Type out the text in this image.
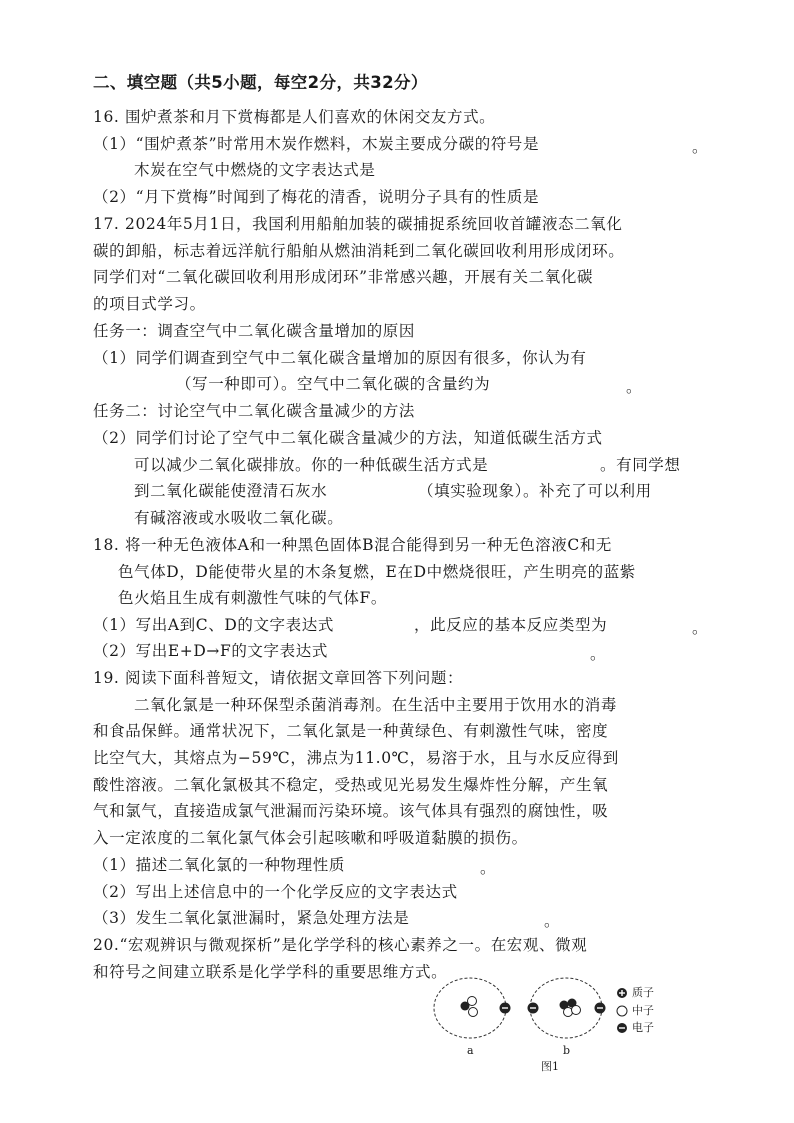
二、填空题（共5小题，每空2分，共32分）
16. 围炉煮茶和月下赏梅都是人们喜欢的休闲交友方式。
（1）“围炉煮茶”时常用木炭作燃料，木炭主要成分碳的符号是
木炭在空气中燃烧的文字表达式是
（2）“月下赏梅”时闻到了梅花的清香，说明分子具有的性质是
17. 2024年5月1日，我国利用船舶加装的碳捕捉系统回收首罐液态二氧化
碳的卸船，标志着远洋航行船舶从燃油消耗到二氧化碳回收利用形成闭环。
同学们对“二氧化碳回收利用形成闭环”非常感兴趣，开展有关二氧化碳
的项目式学习。
任务一：调查空气中二氧化碳含量增加的原因
（1）同学们调查到空气中二氧化碳含量增加的原因有很多，你认为有
（写一种即可）。空气中二氧化碳的含量约为
任务二：讨论空气中二氧化碳含量减少的方法
（2）同学们讨论了空气中二氧化碳含量减少的方法，知道低碳生活方式
可以减少二氧化碳排放。你的一种低碳生活方式是	。有同学想
到二氧化碳能使澄清石灰水	（填实验现象）。补充了可以利用
有碱溶液或水吸收二氧化碳。
18. 将一种无色液体A和一种黑色固体B混合能得到另一种无色溶液C和无
色气体D，D能使带火星的木条复燃，E在D中燃烧很旺，产生明亮的蓝紫
色火焰且生成有刺激性气味的气体F。
（1）写出A到C、D的文字表达式	，此反应的基本反应类型为
（2）写出E+D→F的文字表达式
19. 阅读下面科普短文，请依据文章回答下列问题：
二氧化氯是一种环保型杀菌消毒剂。在生活中主要用于饮用水的消毒
和食品保鲜。通常状况下，二氧化氯是一种黄绿色、有刺激性气味，密度
比空气大，其熔点为−59℃，沸点为11.0℃，易溶于水，且与水反应得到
酸性溶液。二氧化氯极其不稳定，受热或见光易发生爆炸性分解，产生氧
气和氯气，直接造成氯气泄漏而污染环境。该气体具有强烈的腐蚀性，吸
入一定浓度的二氧化氯气体会引起咳嗽和呼吸道黏膜的损伤。
（1）描述二氧化氯的一种物理性质
（2）写出上述信息中的一个化学反应的文字表达式
（3）发生二氧化氯泄漏时，紧急处理方法是
20.“宏观辨识与微观探析”是化学学科的核心素养之一。在宏观、微观
和符号之间建立联系是化学学科的重要思维方式。
。
。
。
。
。
。
质子
中子
电子
a	b
图1
